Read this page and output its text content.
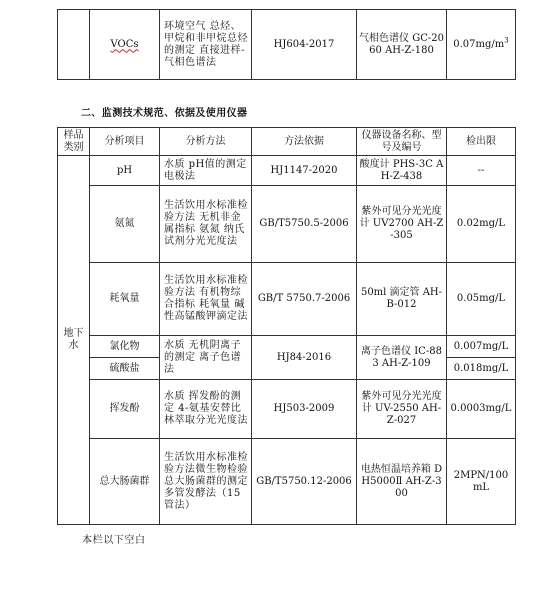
	VOCs	环境空气 总烃、甲烷和非甲烷总烃的测定 直接进样-气相色谱法	HJ604-2017	气相色谱仪 GC-2060 AH-Z-180	$0.07mg/m^3$

二、监测技术规范、依据及使用仪器

样品类别	分析项目	分析方法	方法依据	仪器设备名称、型号及编号	检出限
地下水	pH	水质 pH值的测定 电极法	HJ1147-2020	酸度计 PHS-3C AH-Z-438	--
	氨氮	生活饮用水标准检验方法 无机非金属指标 氨氮 纳氏试剂分光光度法	GB/T5750.5-2006	紫外可见分光光度计 UV2700 AH-Z-305	0.02mg/L
	耗氧量	生活饮用水标准检验方法 有机物综合指标 耗氧量 碱性高锰酸钾滴定法	GB/T 5750.7-2006	50ml 滴定管 AH-B-012	0.05mg/L
	氯化物	水质 无机阴离子的测定 离子色谱法	HJ84-2016	离子色谱仪 IC-883 AH-Z-109	0.007mg/L
	硫酸盐				0.018mg/L
	挥发酚	水质 挥发酚的测定 4-氨基安替比林萃取分光光度法	HJ503-2009	紫外可见分光光度计 UV-2550 AH-Z-027	0.0003mg/L
	总大肠菌群	生活饮用水标准检验方法微生物检验 总大肠菌群的测定 多管发酵法（15管法）	GB/T5750.12-2006	电热恒温培养箱 DH5000Ⅱ AH-Z-300	2MPN/100mL

本栏以下空白
